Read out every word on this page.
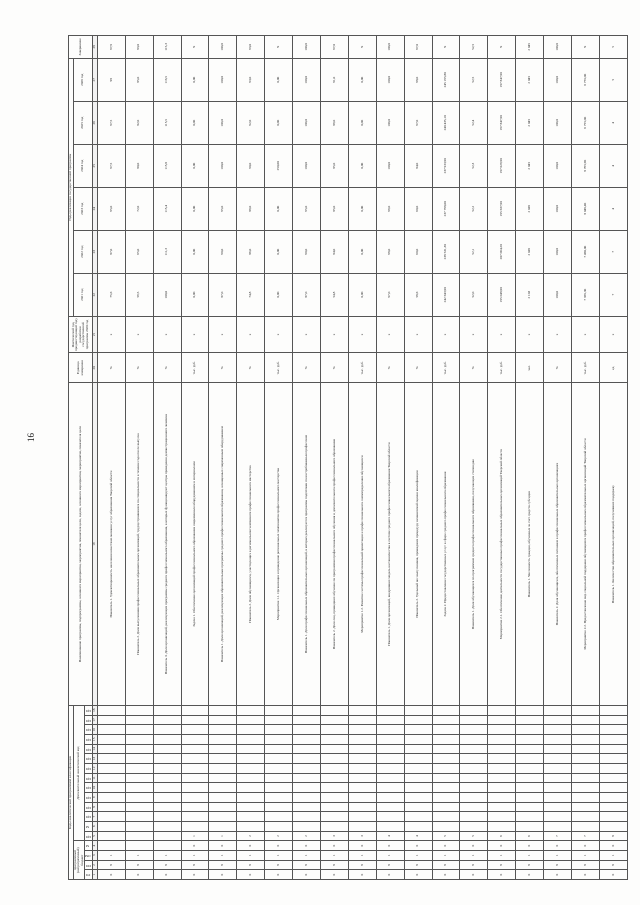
16
Коды аналитической программной классификации																		Наименование программы, подпрограммы, основного мероприятия, мероприятия, показателя цели, задачи, основного мероприятия, мероприятия, показателя цели	Единица измерения	Фактический год, предшествующий году разработки государственной программы 2020 год	Годы реализации государственной программы						Завершение
программный (непрограммный) бюджет				Дополнительный аналитический код																	2021 год	2022 год	2023 год	2024 год	2025 год	2026 год	
ГП	ПП	ОМ	М	ЦП	М	ЦП	ЦП	ЦП	ЦП	ЦП	ЦП	ЦП	ЦП	ЦП	ЦП	ЦП	ЦП										
1	2	3	4	5	6	7	8	9	10	11	12	13	14	15	16	17	18	19	20	21	22	23	24	25	26	27	28
0	8	1																Показатель 1. Удовлетворенность населения качеством оказания услуг образования Тверской области	%	х	75,6	87,0	95,0	97,5	97,5	98	97,9
0	8	1																Показатель 2. Доля выпускников профессиональных образовательных организаций, трудоустроившихся по специальности в течение года после выпуска	%	х	59,5	65,0	72,0	80,0	82,0	85,0	83,0
0	8	1																Показатель 3. Доля организаций, реализующих программы среднего профессионального образования, в которых функционируют центры проведения демонстрационного экзамена	%	х	100,0	111,3	115,4	115,8	115,5	116,5	115,3
0	8	1	0	1														Задача 1. Обеспечение организаций профессионального образования современным оборудованием и материалами	тыс. руб.	х	0,00	0,00	0,00	0,00	0,00	0,00	Х
0	8	1	0	1														Показатель 1. Доля организаций, реализующих образовательные программы среднего профессионального образования, оснащенных современным оборудованием	%	х	87,0	90,0	95,0	100,0	100,0	100,0	100,0
0	8	1	0	2														Показатель 2. Доля обучающихся, участвующих в региональном чемпионате профессионального мастерства	%	х	74,8	86,0	89,0	90,0	92,0	93,0	93,0
0	8	1	0	2														Мероприятие 1.1. Организация и проведение региональных чемпионатов профессионального мастерства	тыс. руб.	х	0,00	0,00	0,00	250,00	0,00	0,00	Х
0	8	1	0	2														Показатель 1. Доля профессиональных образовательных организаций, в которых реализуются программы подготовки по востребованным профессиям	%	х	87,0	90,0	95,0	100,0	100,0	100,0	100,0
0	8	1	0	3														Показатель 2. Доля лиц, прошедших обучение по программам профессионального обучения и дополнительного профессионального образования	%	х	54,8	84,0	85,0	85,0	89,0	91,0	97,0
0	8	1	0	3														Мероприятие 1.2. Развитие системы профессиональной ориентации и профессионального самоопределения обучающихся	тыс. руб.	х	0,00	0,00	0,00	0,00	0,00	0,00	Х
0	8	1	0	4														Показатель 1. Доля организаций, внедривших модель наставничества в системе среднего профессионального образования Тверской области	%	х	97,0	98,0	99,0	100,0	100,0	100,0	100,0
0	8	1	0	4														Показатель 2. Удельный вес выпускников, прошедших процедуру независимой оценки квалификации	%	х	58,6	60,0	60,0	84,0	97,0	98,0	97,0
0	8	1	0	5														Задача 2. Предоставление государственных услуг в сфере среднего профессионального образования	тыс. руб.	х	242 643,90	238 531,30	237 798,00	237 933,90	240 435,10	245 195,80	Х
0	8	1	0	5														Показатель 1. Доля обучающихся по программам среднего профессионального образования, получающих стипендию	%	х	52,0	52,1	52,2	52,3	52,4	52,5	52,5
0	8	1	0	6														Мероприятие 2.1. Обеспечение деятельности государственных профессиональных образовательных организаций Тверской области	тыс. руб.	х	195 048,90	207 064,20	195 637,90	197 029,90	197 847,90	197 847,90	Х
0	8	1	0	6														Показатель 1. Численность граждан, обученных за счет средств субсидии	чел.	х	2 103	2 045	2 045	2 045	2 045	2 045	2 045
0	8	1	0	7														Показатель 2. Доля обучающихся, обеспеченных питанием в профессиональных образовательных организациях	%	х	100,0	100,0	100,0	100,0	100,0	100,0	100,0
0	8	1	0	7														Мероприятие 2.2. Предоставление мер социальной поддержки обучающимся профессиональных образовательных организаций Тверской области	тыс. руб.	х	7 365,30	7 460,00	8 049,40	8 765,90	6 755,00	6 755,00	Х
0	8	1	0	8														Показатель 1. Количество образовательных организаций, получивших поддержку	ед.	х	7	7	4	4	4	5	5
